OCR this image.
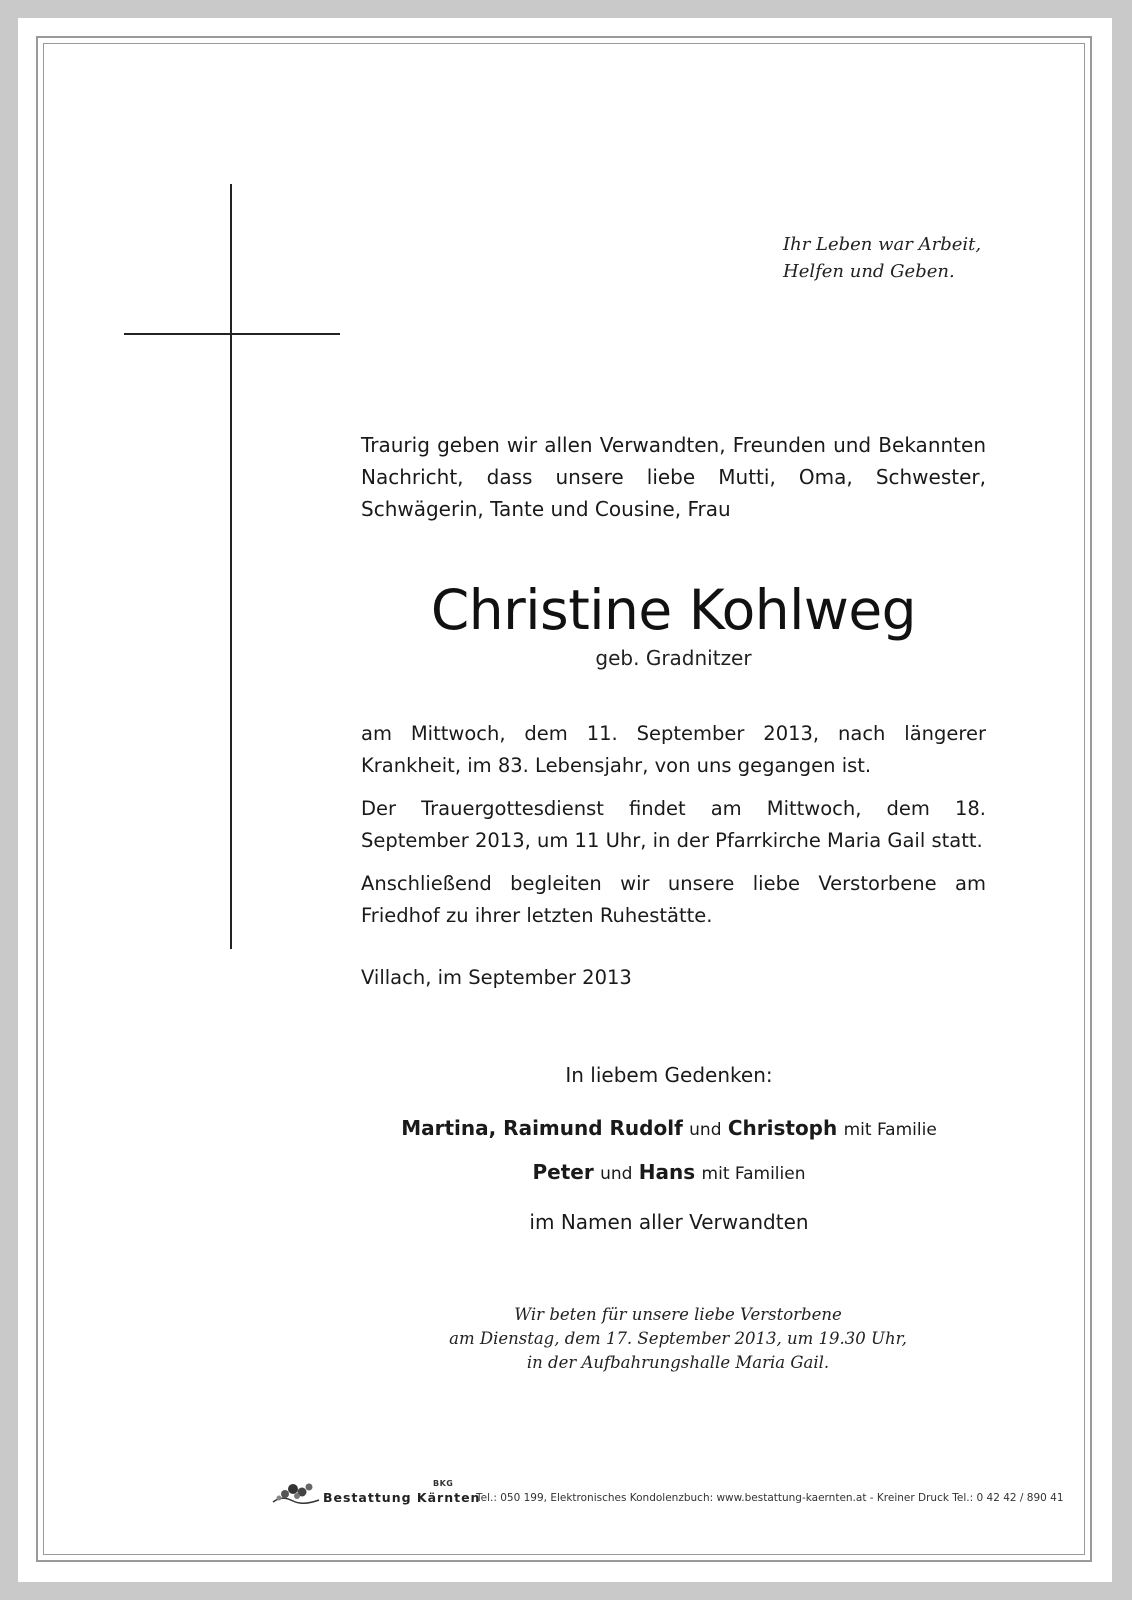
Ihr Leben war Arbeit,
Helfen und Geben.
Traurig geben wir allen Verwandten, Freunden und Bekannten Nachricht, dass unsere liebe Mutti, Oma, Schwester, Schwägerin, Tante und Cousine, Frau
Christine Kohlweg
geb. Gradnitzer
am Mittwoch, dem 11. September 2013, nach längerer Krankheit, im 83. Lebensjahr, von uns gegangen ist.
Der Trauergottesdienst findet am Mittwoch, dem 18. September 2013, um 11 Uhr, in der Pfarrkirche Maria Gail statt.
Anschließend begleiten wir unsere liebe Verstorbene am Friedhof zu ihrer letzten Ruhestätte.
Villach, im September 2013
In liebem Gedenken:
Martina, Raimund Rudolf und Christoph mit Familie
Peter und Hans mit Familien
im Namen aller Verwandten
Wir beten für unsere liebe Verstorbene
am Dienstag, dem 17. September 2013, um 19.30 Uhr,
in der Aufbahrungshalle Maria Gail.
BKG
Bestattung Kärnten
Tel.: 050 199, Elektronisches Kondolenzbuch: www.bestattung-kaernten.at - Kreiner Druck Tel.: 0 42 42 / 890 41
